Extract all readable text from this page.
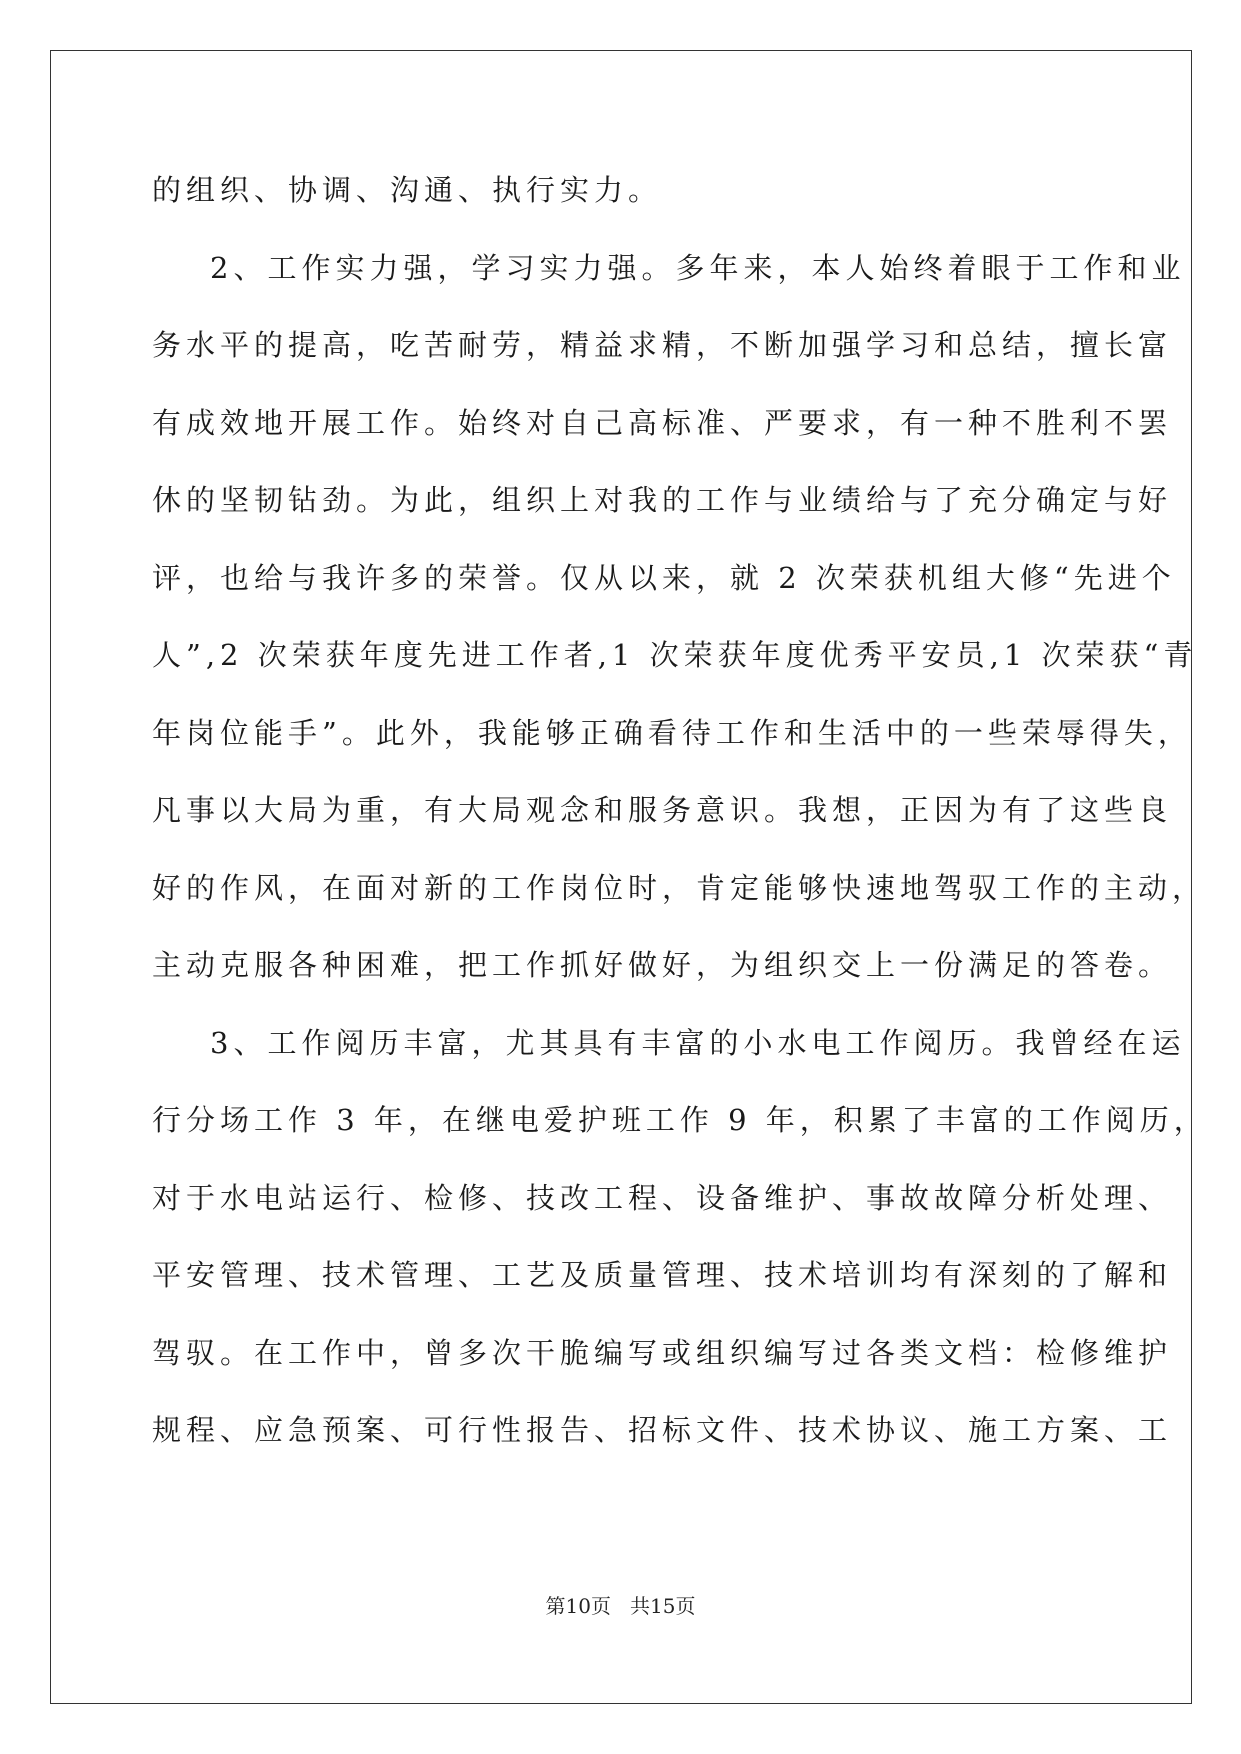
的组织、协调、沟通、执行实力。
2、工作实力强，学习实力强。多年来，本人始终着眼于工作和业
务水平的提高，吃苦耐劳，精益求精，不断加强学习和总结，擅长富
有成效地开展工作。始终对自己高标准、严要求，有一种不胜利不罢
休的坚韧钻劲。为此，组织上对我的工作与业绩给与了充分确定与好
评，也给与我许多的荣誉。仅从以来，就 2 次荣获机组大修“先进个
人”,2 次荣获年度先进工作者,1 次荣获年度优秀平安员,1 次荣获“青
年岗位能手”。此外，我能够正确看待工作和生活中的一些荣辱得失，
凡事以大局为重，有大局观念和服务意识。我想，正因为有了这些良
好的作风，在面对新的工作岗位时，肯定能够快速地驾驭工作的主动，
主动克服各种困难，把工作抓好做好，为组织交上一份满足的答卷。
3、工作阅历丰富，尤其具有丰富的小水电工作阅历。我曾经在运
行分场工作 3 年，在继电爱护班工作 9 年，积累了丰富的工作阅历，
对于水电站运行、检修、技改工程、设备维护、事故故障分析处理、
平安管理、技术管理、工艺及质量管理、技术培训均有深刻的了解和
驾驭。在工作中，曾多次干脆编写或组织编写过各类文档：检修维护
规程、应急预案、可行性报告、招标文件、技术协议、施工方案、工
第10页 共15页
